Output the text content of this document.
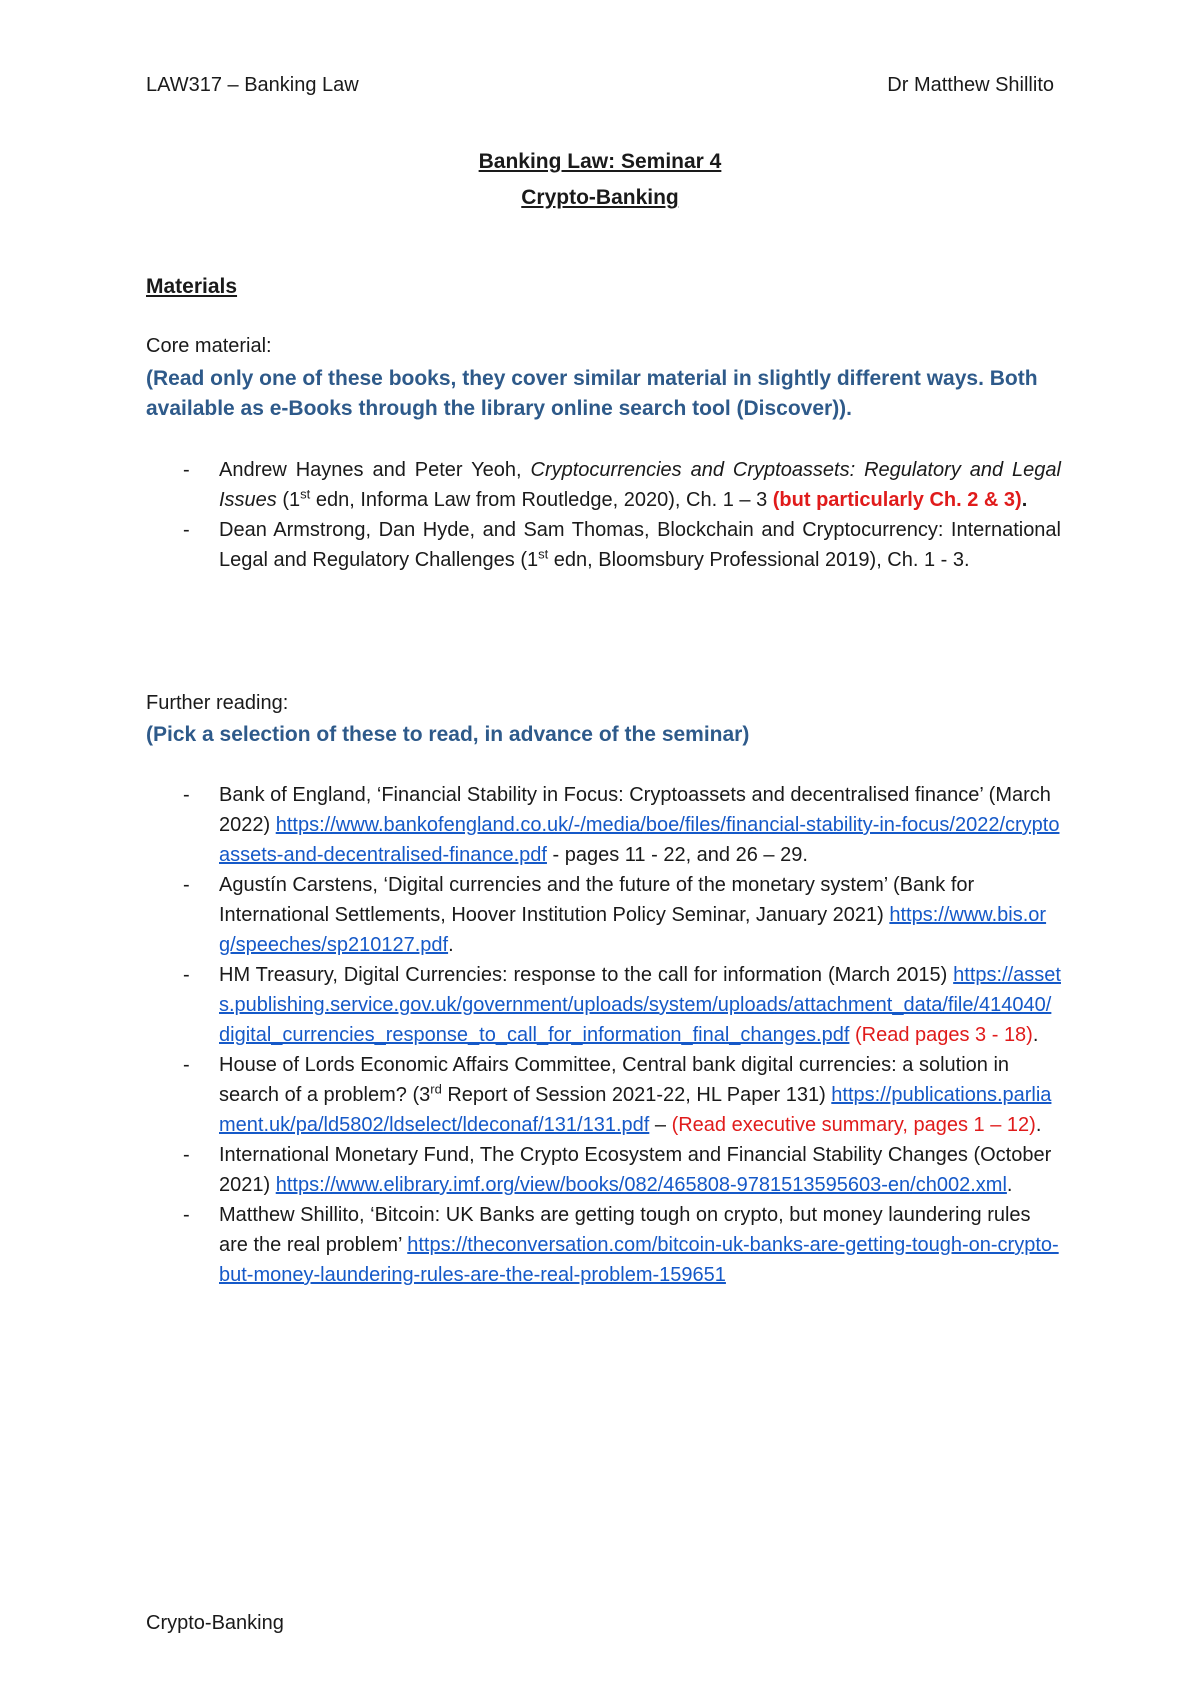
LAW317 – Banking Law	Dr Matthew Shillito
Banking Law: Seminar 4
Crypto-Banking
Materials
Core material:
(Read only one of these books, they cover similar material in slightly different ways. Both available as e-Books through the library online search tool (Discover)).
- Andrew Haynes and Peter Yeoh, Cryptocurrencies and Cryptoassets: Regulatory and Legal Issues (1st edn, Informa Law from Routledge, 2020), Ch. 1 – 3 (but particularly Ch. 2 & 3).
- Dean Armstrong, Dan Hyde, and Sam Thomas, Blockchain and Cryptocurrency: International Legal and Regulatory Challenges (1st edn, Bloomsbury Professional 2019), Ch. 1 - 3.
Further reading:
(Pick a selection of these to read, in advance of the seminar)
- Bank of England, ‘Financial Stability in Focus: Cryptoassets and decentralised finance’ (March 2022) https://www.bankofengland.co.uk/-/media/boe/files/financial-stability-in-focus/2022/cryptoassets-and-decentralised-finance.pdf - pages 11 - 22, and 26 – 29.
- Agustín Carstens, ‘Digital currencies and the future of the monetary system’ (Bank for International Settlements, Hoover Institution Policy Seminar, January 2021) https://www.bis.org/speeches/sp210127.pdf.
- HM Treasury, Digital Currencies: response to the call for information (March 2015) https://assets.publishing.service.gov.uk/government/uploads/system/uploads/attachment_data/file/414040/digital_currencies_response_to_call_for_information_final_changes.pdf (Read pages 3 - 18).
- House of Lords Economic Affairs Committee, Central bank digital currencies: a solution in search of a problem? (3rd Report of Session 2021-22, HL Paper 131) https://publications.parliament.uk/pa/ld5802/ldselect/ldeconaf/131/131.pdf – (Read executive summary, pages 1 – 12).
- International Monetary Fund, The Crypto Ecosystem and Financial Stability Changes (October 2021) https://www.elibrary.imf.org/view/books/082/465808-9781513595603-en/ch002.xml.
- Matthew Shillito, ‘Bitcoin: UK Banks are getting tough on crypto, but money laundering rules are the real problem’ https://theconversation.com/bitcoin-uk-banks-are-getting-tough-on-crypto-but-money-laundering-rules-are-the-real-problem-159651
Crypto-Banking
